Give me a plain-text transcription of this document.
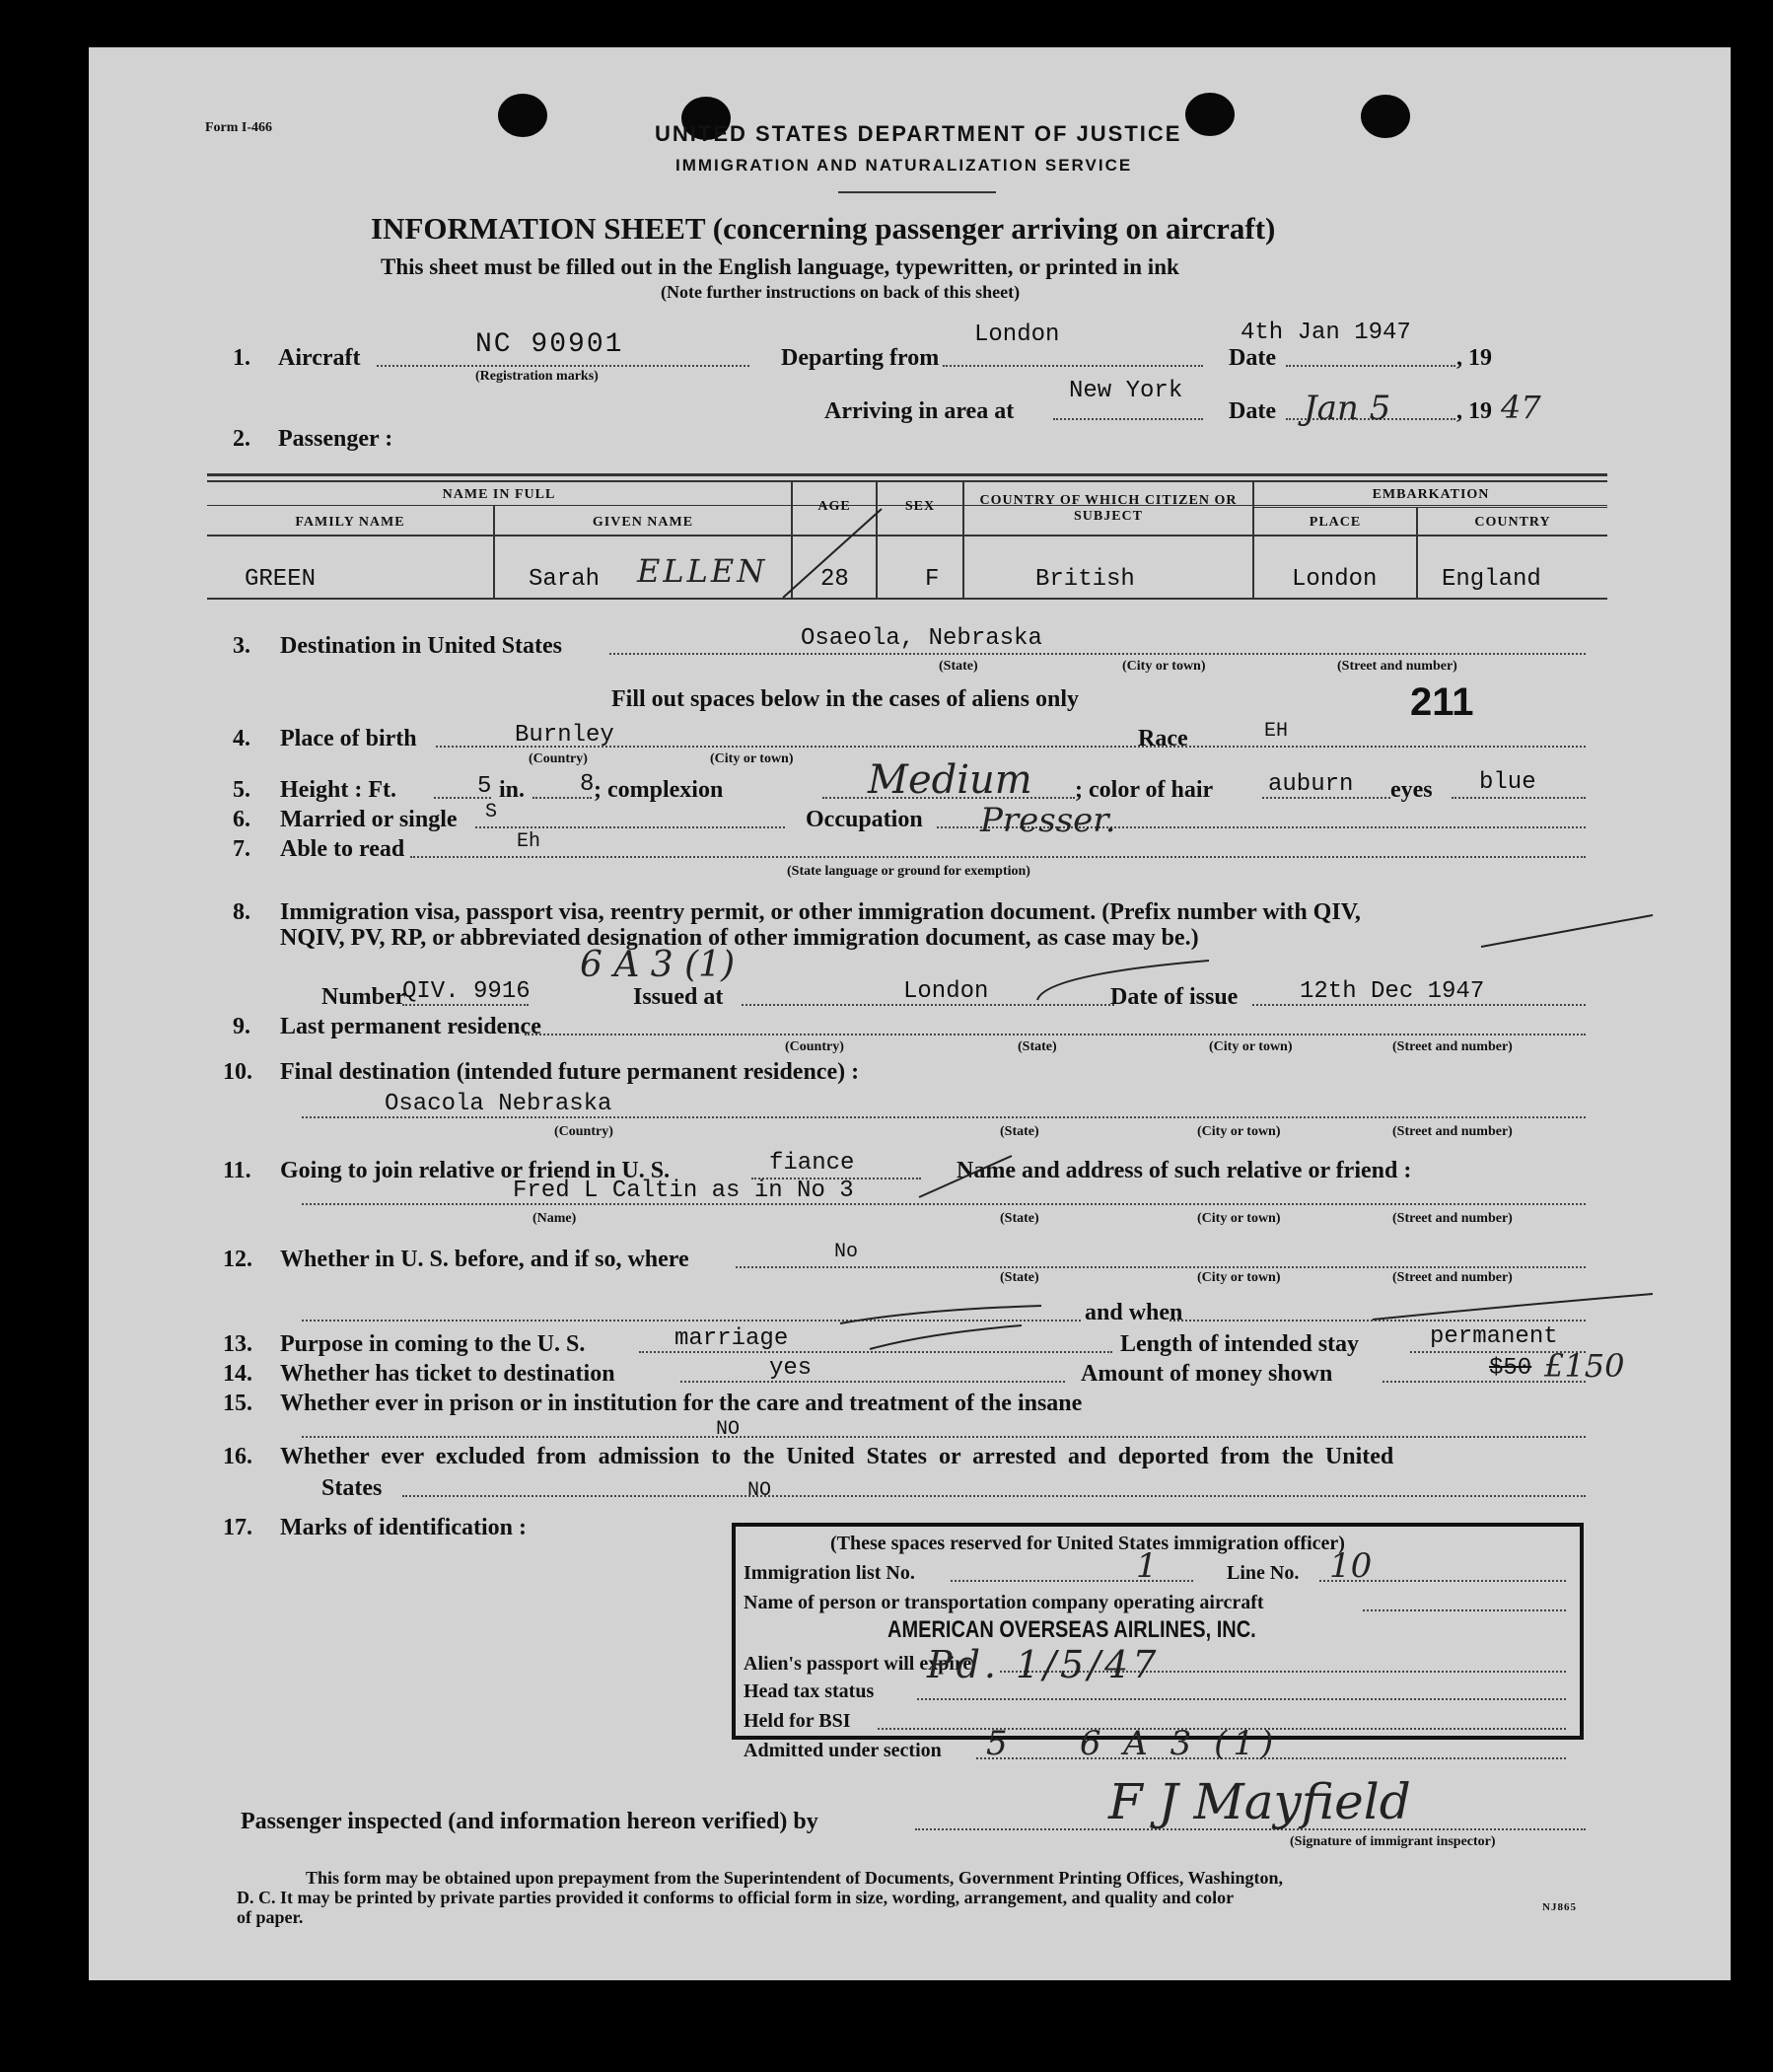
Form I-466	UNITED STATES DEPARTMENT OF JUSTICE
IMMIGRATION AND NATURALIZATION SERVICE
INFORMATION SHEET (concerning passenger arriving on aircraft)
This sheet must be filled out in the English language, typewritten, or printed in ink
(Note further instructions on back of this sheet)
1. Aircraft	NC 90901
(Registration marks)
Departing from
London
Date
4th Jan 1947
, 19
Arriving in area at
New York
Date Jan 5	, 19 47
2. Passenger :
NAME IN FULL
FAMILY NAME	GIVEN NAME
AGE	SEX	COUNTRY OF WHICH CITIZEN OR SUBJECT
EMBARKATION
PLACE	COUNTRY
GREEN	Sarah ELLEN 28	F	British	London	England
3. Destination in United States	Osaeola, Nebraska
(State)	(City or town)	(Street and number)
Fill out spaces below in the cases of aliens only	211
4. Place of birth	Burnley
(Country)	(City or town)
Race	EH
5. Height : Ft.	5 in. 8 ; complexion	Medium ; color of hair auburn eyes blue
6. Married or single S	Occupation Presser.
7. Able to read	Eh
(State language or ground for exemption)
8. Immigration visa, passport visa, reentry permit, or other immigration document. (Prefix number with QIV,
NQIV, PV, RP, or abbreviated designation of other immigration document, as case may be.)
6 A 3 (1)
Number
QIV. 9916	Issued at	London	Date of issue	12th Dec 1947
9. Last permanent residence
(Country)	(State)	(City or town)	(Street and number)
10. Final destination (intended future permanent residence) :
Osacola Nebraska
(Country)	(State)	(City or town)	(Street and number)
11. Going to join relative or friend in U. S.	fiance	Name and address of such relative or friend :
Fred L Caltin as in No 3
(Name)	(State)	(City or town)	(Street and number)
12. Whether in U. S. before, and if so, where	No
(State)	(City or town)	(Street and number)
and when
13. Purpose in coming to the U. S.	marriage	Length of intended stay	permanent
14. Whether has ticket to destination	yes	Amount of money shown	$50 £150
15. Whether ever in prison or in institution for the care and treatment of the insane
NO
16. Whether ever excluded from admission to the United States or arrested and deported from the United
States	NO
17. Marks of identification :
(These spaces reserved for United States immigration officer)
Immigration list No.	1	Line No. 10
Name of person or transportation company operating aircraft
AMERICAN OVERSEAS AIRLINES, INC.
Alien's passport will expire
Pd. 1/5/47
Head tax status
Held for BSI
Admitted under section 5    6 A 3 (1)
Passenger inspected (and information hereon verified) by	F J Mayfield
(Signature of immigrant inspector)
This form may be obtained upon prepayment from the Superintendent of Documents, Government Printing Offices, Washington,
D. C. It may be printed by private parties provided it conforms to official form in size, wording, arrangement, and quality and color
of paper.	NJ865
